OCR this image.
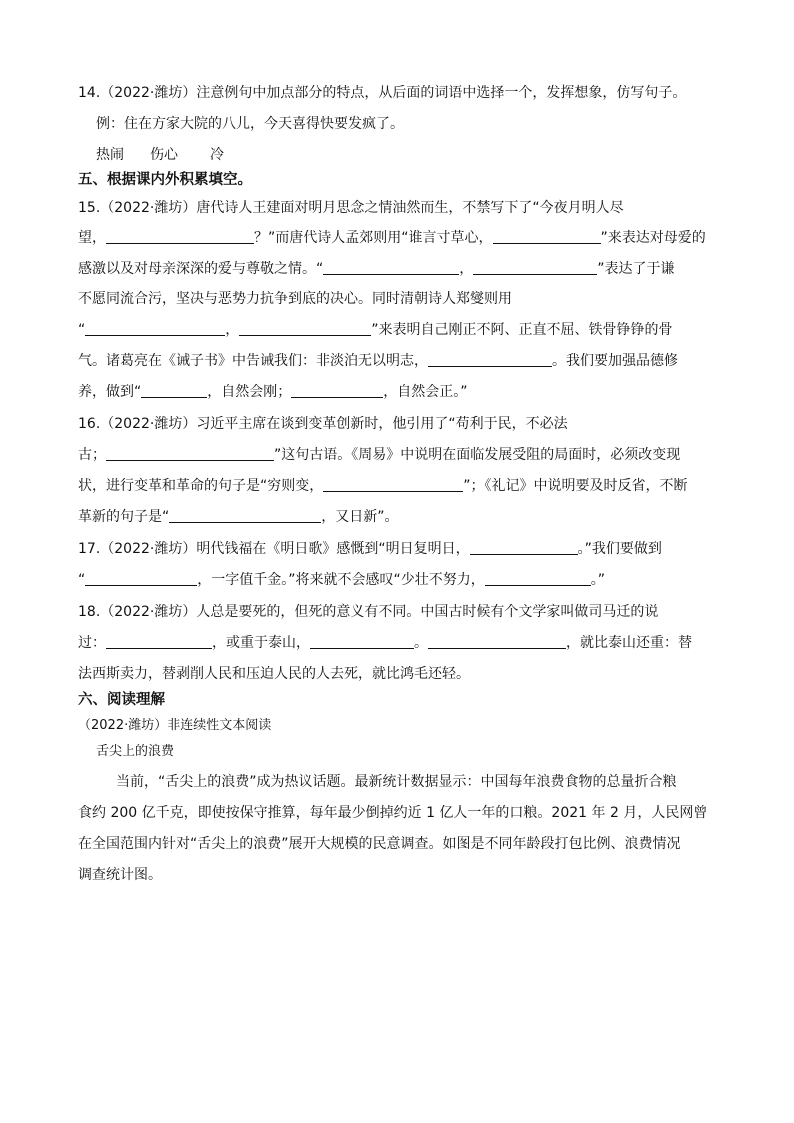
14.（2022·潍坊）注意例句中加点部分的特点，从后面的词语中选择一个，发挥想象，仿写句子。
例：住在方家大院的八儿，今天喜得快要发疯了。
热闹 伤心 冷
五、根据课内外积累填空。
15.（2022·潍坊）唐代诗人王建面对明月思念之情油然而生，不禁写下了“今夜月明人尽
望，	？”而唐代诗人孟郊则用“谁言寸草心，	”来表达对母爱的
感激以及对母亲深深的爱与尊敬之情。“	，	”表达了于谦
不愿同流合污，坚决与恶势力抗争到底的决心。同时清朝诗人郑燮则用
“	，	”来表明自己刚正不阿、正直不屈、铁骨铮铮的骨
气。诸葛亮在《诫子书》中告诫我们：非淡泊无以明志，	。我们要加强品德修
养，做到“	，自然会刚；	，自然会正。”
16.（2022·潍坊）习近平主席在谈到变革创新时，他引用了“苟利于民，不必法
古；	”这句古语。《周易》中说明在面临发展受阻的局面时，必须改变现
状，进行变革和革命的句子是“穷则变，	”；《礼记》中说明要及时反省，不断
革新的句子是“	，又日新”。
17.（2022·潍坊）明代钱福在《明日歌》感慨到“明日复明日，	。”我们要做到
“	，一字值千金。”将来就不会感叹“少壮不努力，	。”
18.（2022·潍坊）人总是要死的，但死的意义有不同。中国古时候有个文学家叫做司马迁的说
过：	，或重于泰山，	。	，就比泰山还重：替
法西斯卖力，替剥削人民和压迫人民的人去死，就比鸿毛还轻。
六、阅读理解
（2022·潍坊）非连续性文本阅读
舌尖上的浪费
当前，“舌尖上的浪费”成为热议话题。最新统计数据显示：中国每年浪费食物的总量折合粮
食约 200 亿千克，即使按保守推算，每年最少倒掉约近 1 亿人一年的口粮。2021 年 2 月，人民网曾
在全国范围内针对“舌尖上的浪费”展开大规模的民意调查。如图是不同年龄段打包比例、浪费情况
调查统计图。
